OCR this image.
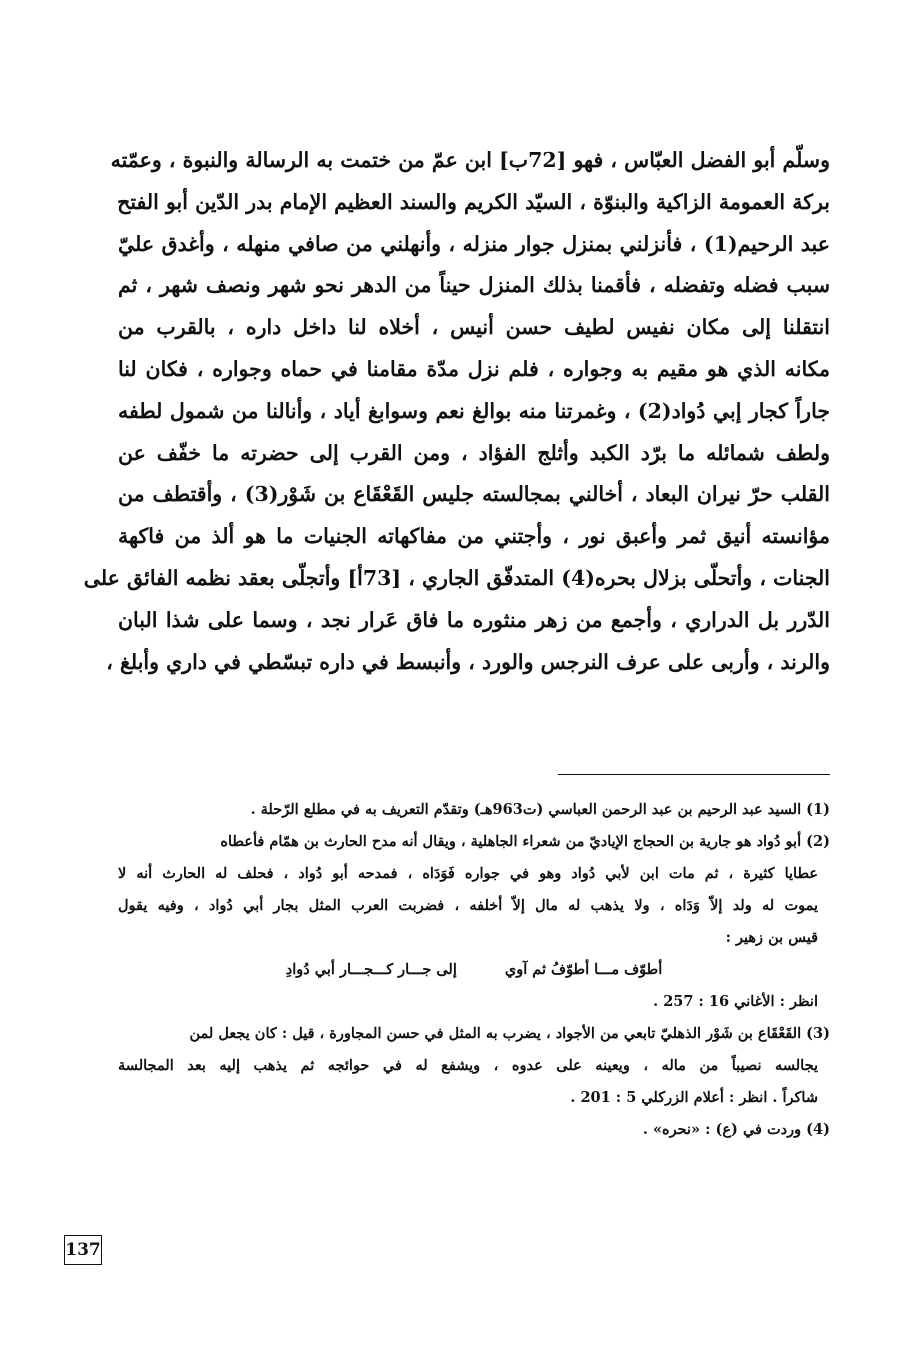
وسلّم أبو الفضل العبّاس ، فهو [72ب] ابن عمّ من ختمت به الرسالة والنبوة ، وعمّته
بركة العمومة الزاكية والبنوّة ، السيّد الكريم والسند العظيم الإمام بدر الدّين أبو الفتح
عبد الرحيم(1) ، فأنزلني بمنزل جوار منزله ، وأنهلني من صافي منهله ، وأغدق عليّ
سبب فضله وتفضله ، فأقمنا بذلك المنزل حيناً من الدهر نحو شهر ونصف شهر ، ثم
انتقلنا إلى مكان نفيس لطيف حسن أنيس ، أخلاه لنا داخل داره ، بالقرب من
مكانه الذي هو مقيم به وجواره ، فلم نزل مدّة مقامنا في حماه وجواره ، فكان لنا
جاراً كجار إبي دُواد(2) ، وغمرتنا منه بوالغ نعم وسوابغ أياد ، وأنالنا من شمول لطفه
ولطف شمائله ما برّد الكبد وأثلج الفؤاد ، ومن القرب إلى حضرته ما خفّف عن
القلب حرّ نيران البعاد ، أخالني بمجالسته جليس القَعْقَاع بن شَوْر(3) ، وأقتطف من
مؤانسته أنيق ثمر وأعبق نور ، وأجتني من مفاكهاته الجنيات ما هو ألذ من فاكهة
الجنات ، وأتحلّى بزلال بحره(4) المتدفّق الجاري ، [73أ] وأتجلّى بعقد نظمه الفائق على
الدّرر بل الدراري ، وأجمع من زهر منثوره ما فاق عَرار نجد ، وسما على شذا البان
والرند ، وأربى على عرف النرجس والورد ، وأنبسط في داره تبسّطي في داري وأبلغ ،
(1) السيد عبد الرحيم بن عبد الرحمن العباسي (ت963هـ) وتقدّم التعريف به في مطلع الرّحلة .
(2) أبو دُواد هو جارية بن الحجاج الإياديّ من شعراء الجاهلية ، ويقال أنه مدح الحارث بن همّام فأعطاه
عطايا كثيرة ، ثم مات ابن لأبي دُواد وهو في جواره فَوَدَاه ، فمدحه أبو دُواد ، فحلف له الحارث أنه لا
يموت له ولد إلاّ وَدَاه ، ولا يذهب له مال إلاّ أخلفه ، فضربت العرب المثل بجار أبي دُواد ، وفيه يقول
قيس بن زهير :
أطوّف مـــا أطوّفُ ثم آوي
إلى جـــار كـــجـــار أبي دُوادِ
انظر : الأغاني 16 : 257 .
(3) القَعْقَاع بن شَوْر الذهليّ تابعي من الأجواد ، يضرب به المثل في حسن المجاورة ، قيل : كان يجعل لمن
يجالسه نصيباً من ماله ، ويعينه على عدوه ، ويشفع له في حوائجه ثم يذهب إليه بعد المجالسة
شاكراً . انظر : أعلام الزركلي 5 : 201 .
(4) وردت في (ع) : «نحره» .
137
